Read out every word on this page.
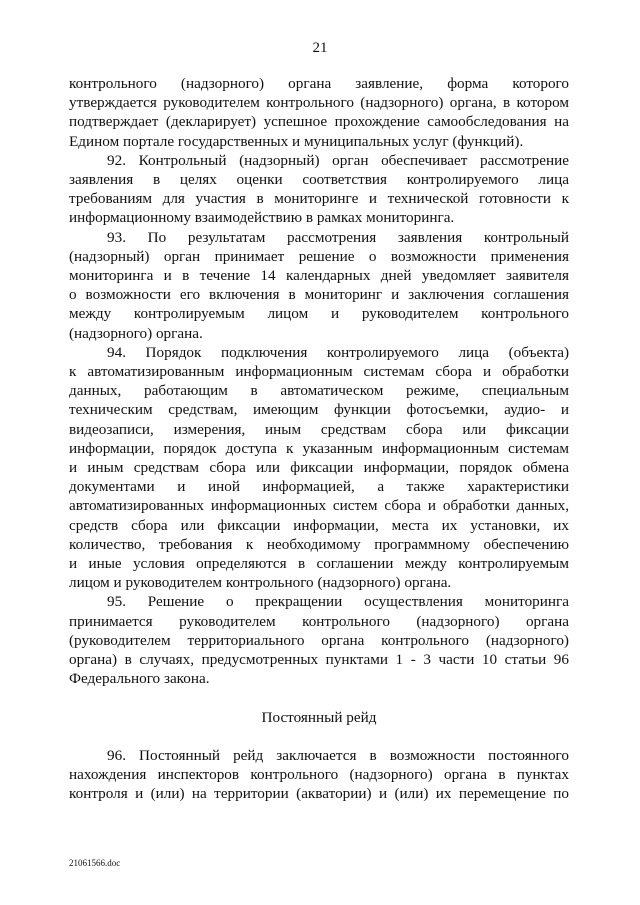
21
контрольного (надзорного) органа заявление, форма которого
утверждается руководителем контрольного (надзорного) органа, в котором
подтверждает (декларирует) успешное прохождение самообследования на
Едином портале государственных и муниципальных услуг (функций).
92. Контрольный (надзорный) орган обеспечивает рассмотрение
заявления в целях оценки соответствия контролируемого лица
требованиям для участия в мониторинге и технической готовности к
информационному взаимодействию в рамках мониторинга.
93. По результатам рассмотрения заявления контрольный
(надзорный) орган принимает решение о возможности применения
мониторинга и в течение 14 календарных дней уведомляет заявителя
о возможности его включения в мониторинг и заключения соглашения
между контролируемым лицом и руководителем контрольного
(надзорного) органа.
94. Порядок подключения контролируемого лица (объекта)
к автоматизированным информационным системам сбора и обработки
данных, работающим в автоматическом режиме, специальным
техническим средствам, имеющим функции фотосъемки, аудио- и
видеозаписи, измерения, иным средствам сбора или фиксации
информации, порядок доступа к указанным информационным системам
и иным средствам сбора или фиксации информации, порядок обмена
документами и иной информацией, а также характеристики
автоматизированных информационных систем сбора и обработки данных,
средств сбора или фиксации информации, места их установки, их
количество, требования к необходимому программному обеспечению
и иные условия определяются в соглашении между контролируемым
лицом и руководителем контрольного (надзорного) органа.
95. Решение о прекращении осуществления мониторинга
принимается руководителем контрольного (надзорного) органа
(руководителем территориального органа контрольного (надзорного)
органа) в случаях, предусмотренных пунктами 1 - 3 части 10 статьи 96
Федерального закона.

Постоянный рейд

96. Постоянный рейд заключается в возможности постоянного
нахождения инспекторов контрольного (надзорного) органа в пунктах
контроля и (или) на территории (акватории) и (или) их перемещение по
21061566.doc
